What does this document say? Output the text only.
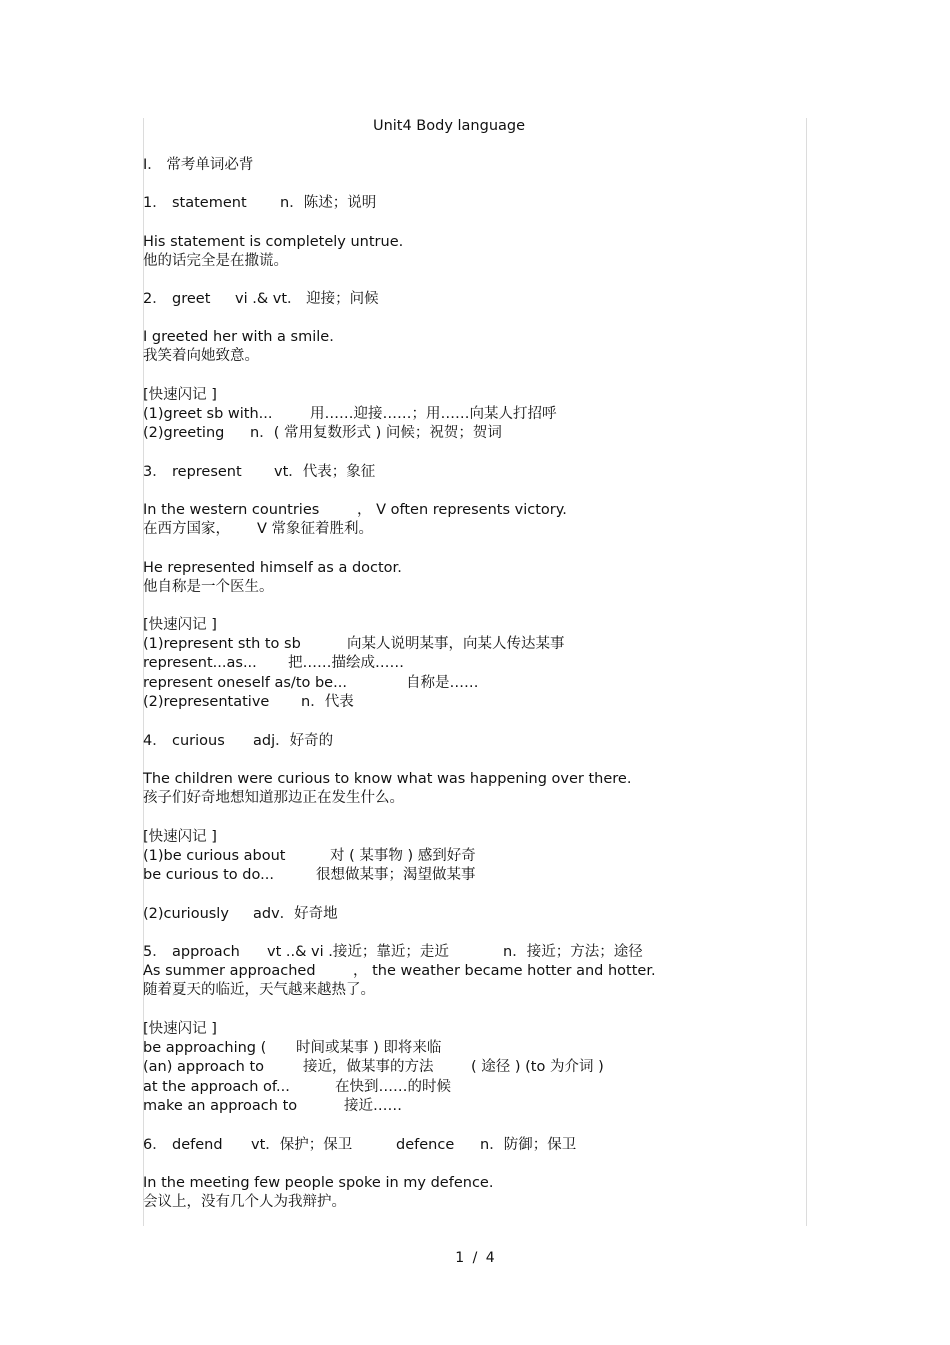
Unit4 Body language
Ⅰ． 常考单词必背
1． statement n．陈述；说明
His statement is completely untrue.
他的话完全是在撒谎。
2． greet vi .& vt． 迎接；问候
I greeted her with a smile.
我笑着向她致意。
[快速闪记 ]
(1)greet sb with...	用……迎接……；用……向某人打招呼
(2)greeting n．( 常用复数形式 ) 问候；祝贺；贺词
3． represent vt．代表；象征
In the western countries	， V often represents victory.
在西方国家， V 常象征着胜利。
He represented himself as a doctor.
他自称是一个医生。
[快速闪记 ]
(1)represent sth to sb	向某人说明某事，向某人传达某事
represent...as... 把……描绘成……
represent oneself as/to be...	自称是……
(2)representative n．代表
4． curious adj．好奇的
The children were curious to know what was happening over there.
孩子们好奇地想知道那边正在发生什么。
[快速闪记 ]
(1)be curious about	对 ( 某事物 ) 感到好奇
be curious to do...	很想做某事；渴望做某事
(2)curiously adv．好奇地
5． approach vt ..& vi .接近；靠近；走近	n．接近；方法；途径
As summer approached	， the weather became hotter and hotter.
随着夏天的临近，天气越来越热了。
[快速闪记 ]
be approaching ( 时间或某事 ) 即将来临
(an) approach to	接近，做某事的方法	( 途径 ) (to 为介词 )
at the approach of...	在快到……的时候
make an approach to	接近……
6． defend vt．保护；保卫	defence n．防御；保卫
In the meeting few people spoke in my defence.
会议上，没有几个人为我辩护。
1 / 4
